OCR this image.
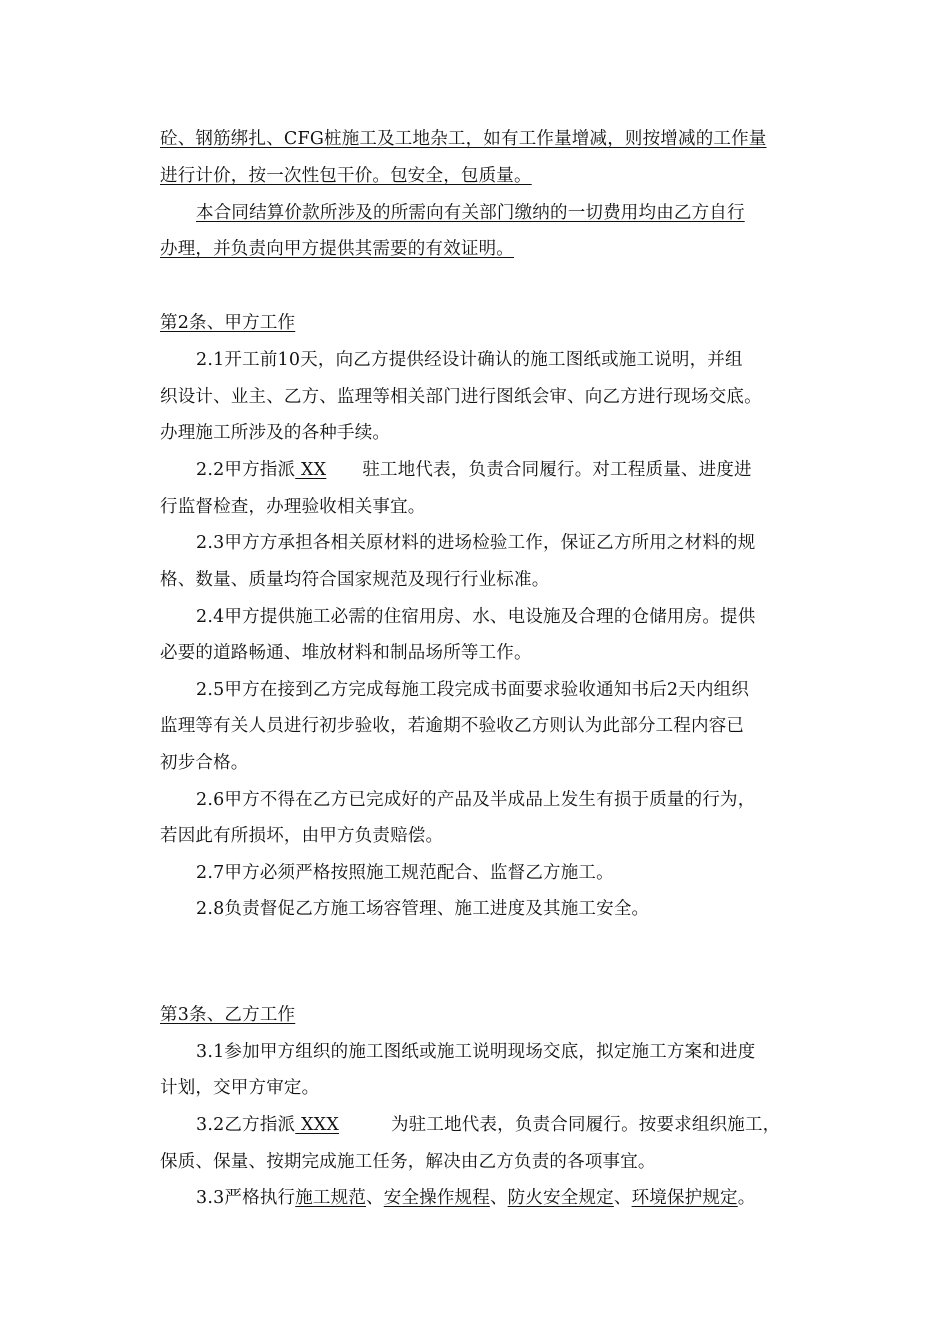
砼、钢筋绑扎、CFG桩施工及工地杂工，如有工作量增减，则按增减的工作量
进行计价，按一次性包干价。包安全，包质量。
本合同结算价款所涉及的所需向有关部门缴纳的一切费用均由乙方自行
办理，并负责向甲方提供其需要的有效证明。
第2条、甲方工作
2.1开工前10天，向乙方提供经设计确认的施工图纸或施工说明，并组
织设计、业主、乙方、监理等相关部门进行图纸会审、向乙方进行现场交底。
办理施工所涉及的各种手续。
2.2甲方指派 XX 驻工地代表，负责合同履行。对工程质量、进度进
行监督检查，办理验收相关事宜。
2.3甲方方承担各相关原材料的进场检验工作，保证乙方所用之材料的规
格、数量、质量均符合国家规范及现行行业标准。
2.4甲方提供施工必需的住宿用房、水、电设施及合理的仓储用房。提供
必要的道路畅通、堆放材料和制品场所等工作。
2.5甲方在接到乙方完成每施工段完成书面要求验收通知书后2天内组织
监理等有关人员进行初步验收，若逾期不验收乙方则认为此部分工程内容已
初步合格。
2.6甲方不得在乙方已完成好的产品及半成品上发生有损于质量的行为，
若因此有所损坏，由甲方负责赔偿。
2.7甲方必须严格按照施工规范配合、监督乙方施工。
2.8负责督促乙方施工场容管理、施工进度及其施工安全。
第3条、乙方工作
3.1参加甲方组织的施工图纸或施工说明现场交底，拟定施工方案和进度
计划，交甲方审定。
3.2乙方指派 XXX	为驻工地代表，负责合同履行。按要求组织施工，
保质、保量、按期完成施工任务，解决由乙方负责的各项事宜。
3.3严格执行施工规范、安全操作规程、防火安全规定、环境保护规定。
